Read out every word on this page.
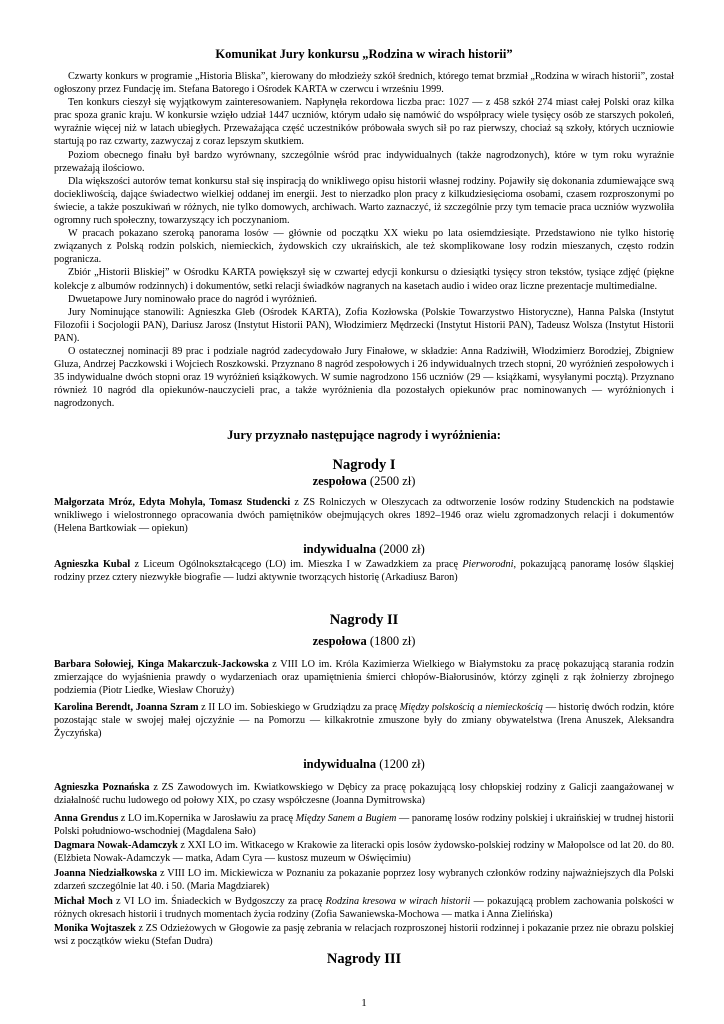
Komunikat Jury konkursu „Rodzina w wirach historii”

Czwarty konkurs w programie „Historia Bliska”, kierowany do młodzieży szkół średnich, którego temat brzmiał „Rodzina w wirach historii”, został ogłoszony przez Fundację im. Stefana Batorego i Ośrodek KARTA w czerwcu i wrześniu 1999.

Ten konkurs cieszył się wyjątkowym zainteresowaniem. Napłynęła rekordowa liczba prac: 1027 — z 458 szkół 274 miast całej Polski oraz kilka prac spoza granic kraju. W konkursie wzięło udział 1447 uczniów, którym udało się namówić do współpracy wiele tysięcy osób ze starszych pokoleń, wyraźnie więcej niż w latach ubiegłych. Przeważająca część uczestników próbowała swych sił po raz pierwszy, chociaż są szkoły, których uczniowie startują po raz czwarty, zazwyczaj z coraz lepszym skutkiem.

Poziom obecnego finału był bardzo wyrównany, szczególnie wśród prac indywidualnych (także nagrodzonych), które w tym roku wyraźnie przeważają ilościowo.

Dla większości autorów temat konkursu stał się inspiracją do wnikliwego opisu historii własnej rodziny. Pojawiły się dokonania zdumiewające swą dociekliwością, dające świadectwo wielkiej oddanej im energii. Jest to nierzadko plon pracy z kilkudziesięcioma osobami, czasem rozproszonymi po świecie, a także poszukiwań w różnych, nie tylko domowych, archiwach. Warto zaznaczyć, iż szczególnie przy tym temacie praca uczniów wyzwoliła ogromny ruch społeczny, towarzyszący ich poczynaniom.

W pracach pokazano szeroką panorama losów — głównie od początku XX wieku po lata osiemdziesiąte. Przedstawiono nie tylko historię związanych z Polską rodzin polskich, niemieckich, żydowskich czy ukraińskich, ale też skomplikowane losy rodzin mieszanych, często rodzin pogranicza.

Zbiór „Historii Bliskiej” w Ośrodku KARTA powiększył się w czwartej edycji konkursu o dziesiątki tysięcy stron tekstów, tysiące zdjęć (piękne kolekcje z albumów rodzinnych) i dokumentów, setki relacji świadków nagranych na kasetach audio i wideo oraz liczne prezentacje multimedialne.

Dwuetapowe Jury nominowało prace do nagród i wyróżnień.

Jury Nominujące stanowili: Agnieszka Gleb (Ośrodek KARTA), Zofia Kozłowska (Polskie Towarzystwo Historyczne), Hanna Palska (Instytut Filozofii i Socjologii PAN), Dariusz Jarosz (Instytut Historii PAN), Włodzimierz Mędrzecki (Instytut Historii PAN), Tadeusz Wolsza (Instytut Historii PAN).

O ostatecznej nominacji 89 prac i podziale nagród zadecydowało Jury Finałowe, w składzie: Anna Radziwiłł, Włodzimierz Borodziej, Zbigniew Gluza, Andrzej Paczkowski i Wojciech Roszkowski. Przyznano 8 nagród zespołowych i 26 indywidualnych trzech stopni, 20 wyróżnień zespołowych i 35 indywidualne dwóch stopni oraz 19 wyróżnień książkowych. W sumie nagrodzono 156 uczniów (29 — książkami, wysyłanymi pocztą). Przyznano również 10 nagród dla opiekunów-nauczycieli prac, a także wyróżnienia dla pozostałych opiekunów prac nominowanych — wyróżnionych i nagrodzonych.

Jury przyznało następujące nagrody i wyróżnienia:
Nagrody I
zespołowa (2500 zł)

Małgorzata Mróz, Edyta Mohyla, Tomasz Studencki z ZS Rolniczych w Oleszycach za odtworzenie losów rodziny Studenckich na podstawie wnikliwego i wielostronnego opracowania dwóch pamiętników obejmujących okres 1892–1946 oraz wielu zgromadzonych relacji i dokumentów (Helena Bartkowiak — opiekun)

indywidualna (2000 zł)

Agnieszka Kubal z Liceum Ogólnokształcącego (LO) im. Mieszka I w Zawadzkiem za pracę Pierworodni, pokazującą panoramę losów śląskiej rodziny przez cztery niezwykłe biografie — ludzi aktywnie tworzących historię (Arkadiusz Baron)

Nagrody II
zespołowa (1800 zł)

Barbara Sołowiej, Kinga Makarczuk-Jackowska z VIII LO im. Króla Kazimierza Wielkiego w Białymstoku za pracę pokazującą starania rodzin zmierzające do wyjaśnienia prawdy o wydarzeniach oraz upamiętnienia śmierci chłopów-Białorusinów, którzy zginęli z rąk żołnierzy zbrojnego podziemia (Piotr Liedke, Wiesław Choruży)

Karolina Berendt, Joanna Szram z II LO im. Sobieskiego w Grudziądzu za pracę Między polskością a niemieckością — historię dwóch rodzin, które pozostając stale w swojej małej ojczyźnie — na Pomorzu — kilkakrotnie zmuszone były do zmiany obywatelstwa (Irena Anuszek, Aleksandra Życzyńska)

indywidualna (1200 zł)

Agnieszka Poznańska z ZS Zawodowych im. Kwiatkowskiego w Dębicy za pracę pokazującą losy chłopskiej rodziny z Galicji zaangażowanej w działalność ruchu ludowego od połowy XIX, po czasy współczesne (Joanna Dymitrowska)

Anna Grendus z LO im.Kopernika w Jarosławiu za pracę Między Sanem a Bugiem — panoramę losów rodziny polskiej i ukraińskiej w trudnej historii Polski południowo-wschodniej (Magdalena Sało)

Dagmara Nowak-Adamczyk z XXI LO im. Witkacego w Krakowie za literacki opis losów żydowsko-polskiej rodziny w Małopolsce od lat 20. do 80. (Elżbieta Nowak-Adamczyk — matka, Adam Cyra — kustosz muzeum w Oświęcimiu)

Joanna Niedziałkowska z VIII LO im. Mickiewicza w Poznaniu za pokazanie poprzez losy wybranych członków rodziny najważniejszych dla Polski zdarzeń szczególnie lat 40. i 50. (Maria Magdziarek)

Michał Moch z VI LO im. Śniadeckich w Bydgoszczy za pracę Rodzina kresowa w wirach historii — pokazującą problem zachowania polskości w różnych okresach historii i trudnych momentach życia rodziny (Zofia Sawaniewska-Mochowa — matka i Anna Zielińska)

Monika Wojtaszek z ZS Odzieżowych w Głogowie za pasję zebrania w relacjach rozproszonej historii rodzinnej i pokazanie przez nie obrazu polskiej wsi z początków wieku (Stefan Dudra)

Nagrody III
1
